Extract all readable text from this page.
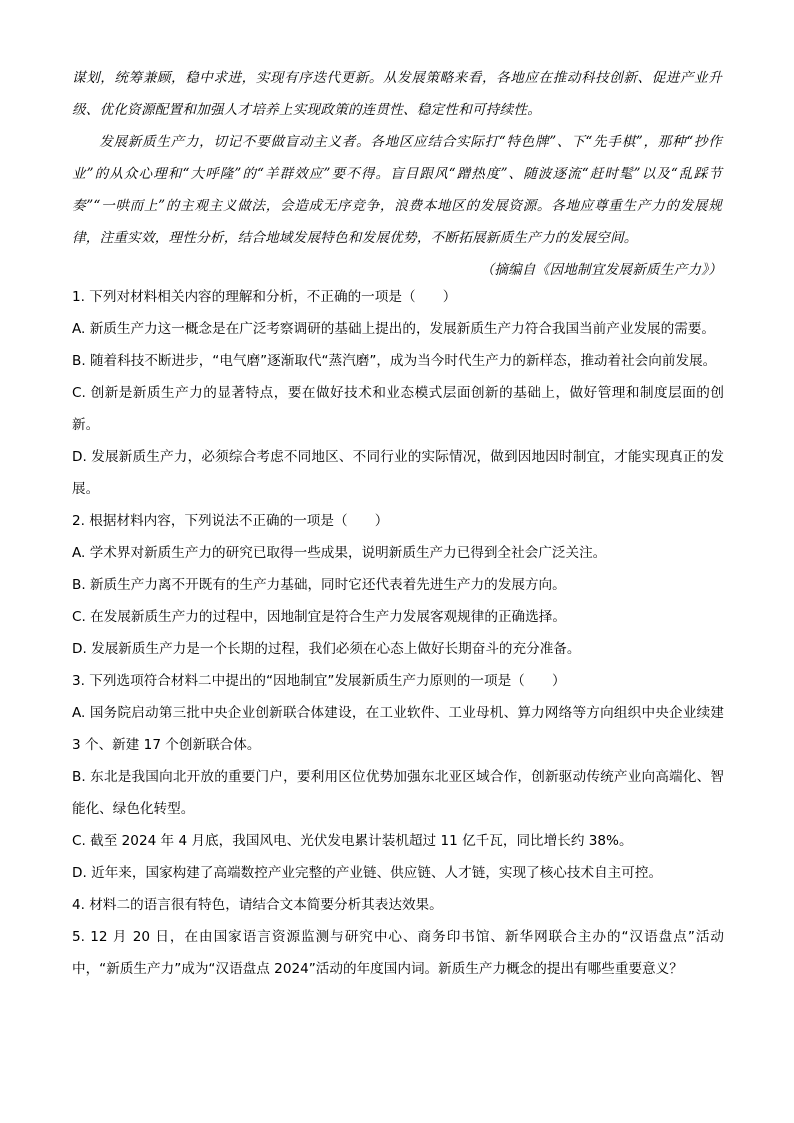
谋划，统筹兼顾，稳中求进，实现有序迭代更新。从发展策略来看，各地应在推动科技创新、促进产业升级、优化资源配置和加强人才培养上实现政策的连贯性、稳定性和可持续性。

发展新质生产力，切记不要做盲动主义者。各地区应结合实际打“特色牌”、下“先手棋”，那种“抄作业”的从众心理和“大呼隆”的“羊群效应”要不得。盲目跟风“蹭热度”、随波逐流“赶时髦”以及“乱踩节奏”“一哄而上”的主观主义做法，会造成无序竞争，浪费本地区的发展资源。各地应尊重生产力的发展规律，注重实效，理性分析，结合地域发展特色和发展优势，不断拓展新质生产力的发展空间。

（摘编自《因地制宜发展新质生产力》）

1. 下列对材料相关内容的理解和分析，不正确的一项是（　　）

A. 新质生产力这一概念是在广泛考察调研的基础上提出的，发展新质生产力符合我国当前产业发展的需要。

B. 随着科技不断进步，“电气磨”逐渐取代“蒸汽磨”，成为当今时代生产力的新样态，推动着社会向前发展。

C. 创新是新质生产力的显著特点，要在做好技术和业态模式层面创新的基础上，做好管理和制度层面的创新。

D. 发展新质生产力，必须综合考虑不同地区、不同行业的实际情况，做到因地因时制宜，才能实现真正的发展。

2. 根据材料内容，下列说法不正确的一项是（　　）

A. 学术界对新质生产力的研究已取得一些成果，说明新质生产力已得到全社会广泛关注。

B. 新质生产力离不开既有的生产力基础，同时它还代表着先进生产力的发展方向。

C. 在发展新质生产力的过程中，因地制宜是符合生产力发展客观规律的正确选择。

D. 发展新质生产力是一个长期的过程，我们必须在心态上做好长期奋斗的充分准备。

3. 下列选项符合材料二中提出的“因地制宜”发展新质生产力原则的一项是（　　）

A. 国务院启动第三批中央企业创新联合体建设，在工业软件、工业母机、算力网络等方向组织中央企业续建 3 个、新建 17 个创新联合体。

B. 东北是我国向北开放的重要门户，要利用区位优势加强东北亚区域合作，创新驱动传统产业向高端化、智能化、绿色化转型。

C. 截至 2024 年 4 月底，我国风电、光伏发电累计装机超过 11 亿千瓦，同比增长约 38%。

D. 近年来，国家构建了高端数控产业完整的产业链、供应链、人才链，实现了核心技术自主可控。

4. 材料二的语言很有特色，请结合文本简要分析其表达效果。

5. 12 月 20 日，在由国家语言资源监测与研究中心、商务印书馆、新华网联合主办的“汉语盘点”活动中，“新质生产力”成为“汉语盘点 2024”活动的年度国内词。新质生产力概念的提出有哪些重要意义？
